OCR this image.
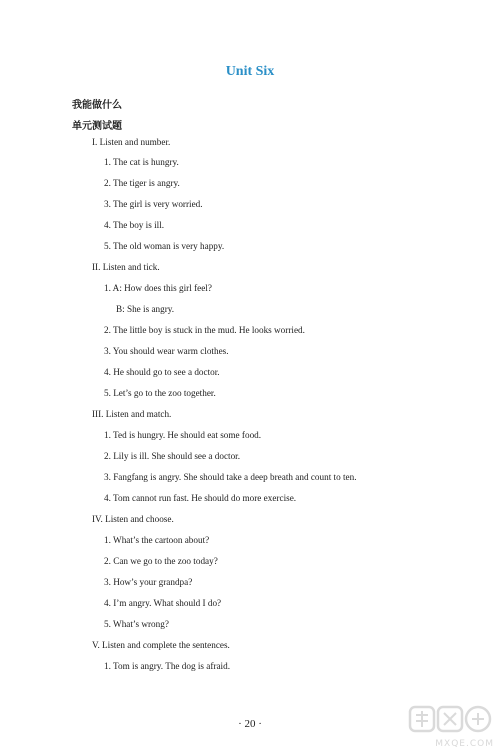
Unit Six
我能做什么
单元测试题
I. Listen and number.
1. The cat is hungry.
2. The tiger is angry.
3. The girl is very worried.
4. The boy is ill.
5. The old woman is very happy.
II. Listen and tick.
1. A: How does this girl feel?
B: She is angry.
2. The little boy is stuck in the mud. He looks worried.
3. You should wear warm clothes.
4. He should go to see a doctor.
5. Let’s go to the zoo together.
III. Listen and match.
1. Ted is hungry. He should eat some food.
2. Lily is ill. She should see a doctor.
3. Fangfang is angry. She should take a deep breath and count to ten.
4. Tom cannot run fast. He should do more exercise.
IV. Listen and choose.
1. What’s the cartoon about?
2. Can we go to the zoo today?
3. How’s your grandpa?
4. I’m angry. What should I do?
5. What’s wrong?
V. Listen and complete the sentences.
1. Tom is angry. The dog is afraid.
· 20 ·
MXQE.COM
